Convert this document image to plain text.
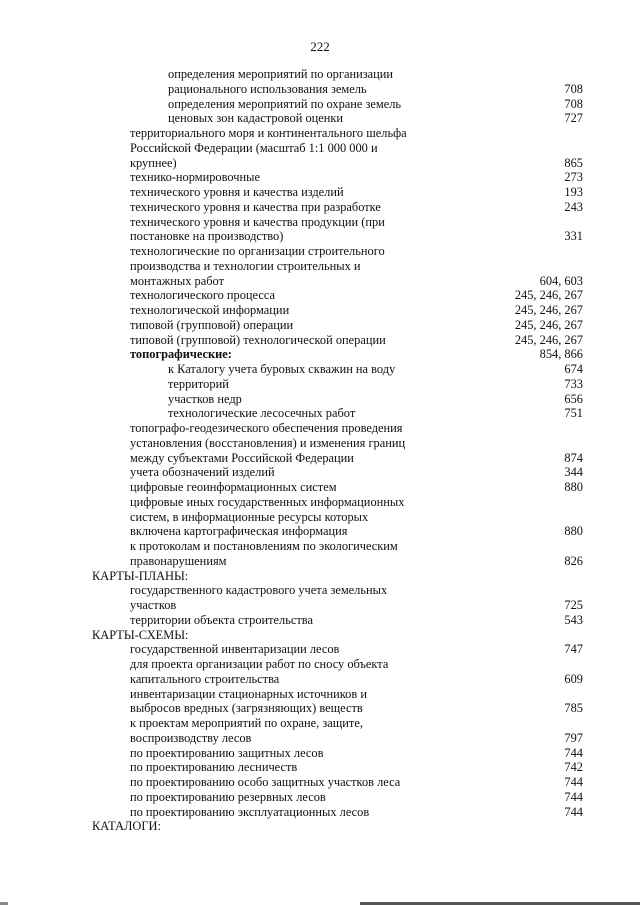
222
определения мероприятий по организации
рационального использования земель	708
определения мероприятий по охране земель	708
ценовых зон кадастровой оценки	727
территориального моря и континентального шельфа
Российской Федерации (масштаб 1:1 000 000 и
крупнее)	865
технико-нормировочные	273
технического уровня и качества изделий	193
технического уровня и качества при разработке	243
технического уровня и качества продукции (при
постановке на производство)	331
технологические по организации строительного
производства и технологии строительных и
монтажных работ	604, 603
технологического процесса	245, 246, 267
технологической информации	245, 246, 267
типовой (групповой) операции	245, 246, 267
типовой (групповой) технологической операции	245, 246, 267
топографические:	854, 866
к Каталогу учета буровых скважин на воду	674
территорий	733
участков недр	656
технологические лесосечных работ	751
топографо-геодезического обеспечения проведения
установления (восстановления) и изменения границ
между субъектами Российской Федерации	874
учета обозначений изделий	344
цифровые геоинформационных систем	880
цифровые иных государственных информационных
систем, в информационные ресурсы которых
включена картографическая информация	880
к протоколам и постановлениям по экологическим
правонарушениям	826
КАРТЫ-ПЛАНЫ:
государственного кадастрового учета земельных
участков	725
территории объекта строительства	543
КАРТЫ-СХЕМЫ:
государственной инвентаризации лесов	747
для проекта организации работ по сносу объекта
капитального строительства	609
инвентаризации стационарных источников и
выбросов вредных (загрязняющих) веществ	785
к проектам мероприятий по охране, защите,
воспроизводству лесов	797
по проектированию защитных лесов	744
по проектированию лесничеств	742
по проектированию особо защитных участков леса	744
по проектированию резервных лесов	744
по проектированию эксплуатационных лесов	744
КАТАЛОГИ:
